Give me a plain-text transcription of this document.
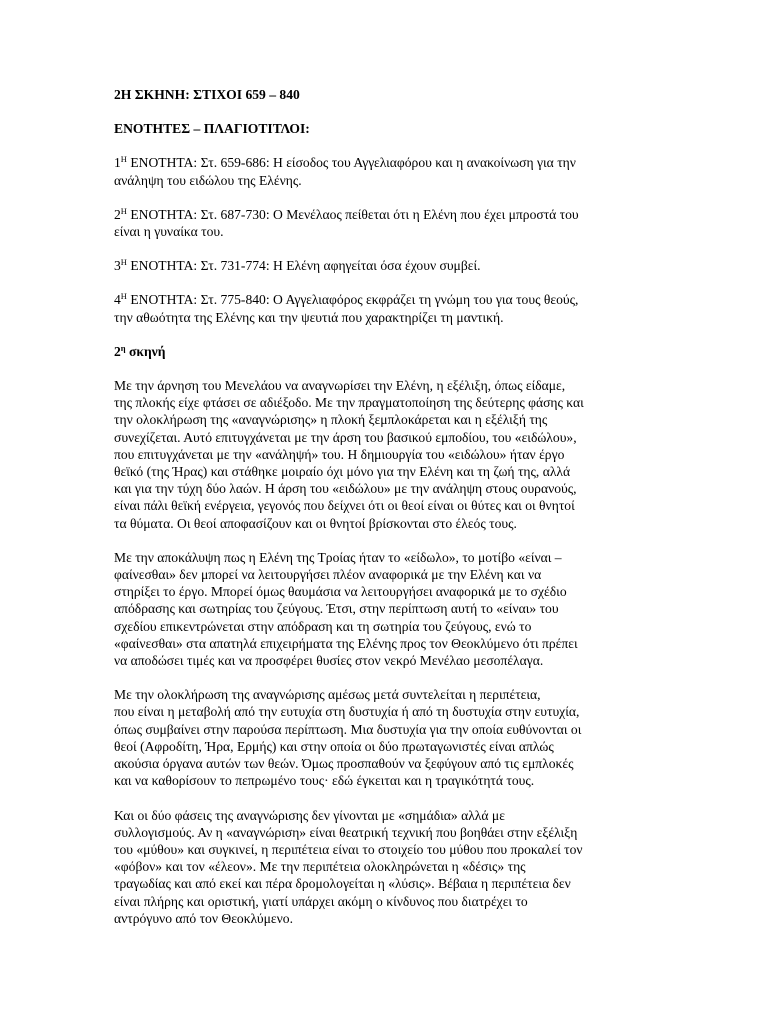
2Η ΣΚΗΝΗ: ΣΤΙΧΟΙ 659 – 840

ΕΝΟΤΗΤΕΣ – ΠΛΑΓΙΟΤΙΤΛΟΙ:

$1^H$ ΕΝΟΤΗΤΑ: Στ. 659-686: Η είσοδος του Αγγελιαφόρου και η ανακοίνωση για την
ανάληψη του ειδώλου της Ελένης.

$2^H$ ΕΝΟΤΗΤΑ: Στ. 687-730: Ο Μενέλαος πείθεται ότι η Ελένη που έχει μπροστά του
είναι η γυναίκα του.

$3^H$ ΕΝΟΤΗΤΑ: Στ. 731-774: Η Ελένη αφηγείται όσα έχουν συμβεί.

$4^H$ ΕΝΟΤΗΤΑ: Στ. 775-840: Ο Αγγελιαφόρος εκφράζει τη γνώμη του για τους θεούς,
την αθωότητα της Ελένης και την ψευτιά που χαρακτηρίζει τη μαντική.

$2^\eta$ σκηνή

Με την άρνηση του Μενελάου να αναγνωρίσει την Ελένη, η εξέλιξη, όπως είδαμε,
της πλοκής είχε φτάσει σε αδιέξοδο. Με την πραγματοποίηση της δεύτερης φάσης και
την ολοκλήρωση της «αναγνώρισης» η πλοκή ξεμπλοκάρεται και η εξέλιξή της
συνεχίζεται. Αυτό επιτυγχάνεται με την άρση του βασικού εμποδίου, του «ειδώλου»,
που επιτυγχάνεται με την «ανάληψή» του. Η δημιουργία του «ειδώλου» ήταν έργο
θεϊκό (της Ήρας) και στάθηκε μοιραίο όχι μόνο για την Ελένη και τη ζωή της, αλλά
και για την τύχη δύο λαών. Η άρση του «ειδώλου» με την ανάληψη στους ουρανούς,
είναι πάλι θεϊκή ενέργεια, γεγονός που δείχνει ότι οι θεοί είναι οι θύτες και οι θνητοί
τα θύματα. Οι θεοί αποφασίζουν και οι θνητοί βρίσκονται στο έλεός τους.

Με την αποκάλυψη πως η Ελένη της Τροίας ήταν το «είδωλο», το μοτίβο «είναι –
φαίνεσθαι» δεν μπορεί να λειτουργήσει πλέον αναφορικά με την Ελένη και να
στηρίξει το έργο. Μπορεί όμως θαυμάσια να λειτουργήσει αναφορικά με το σχέδιο
απόδρασης και σωτηρίας του ζεύγους. Έτσι, στην περίπτωση αυτή το «είναι» του
σχεδίου επικεντρώνεται στην απόδραση και τη σωτηρία του ζεύγους, ενώ το
«φαίνεσθαι» στα απατηλά επιχειρήματα της Ελένης προς τον Θεοκλύμενο ότι πρέπει
να αποδώσει τιμές και να προσφέρει θυσίες στον νεκρό Μενέλαο μεσοπέλαγα.

Με την ολοκλήρωση της αναγνώρισης αμέσως μετά συντελείται η περιπέτεια,
που είναι η μεταβολή από την ευτυχία στη δυστυχία ή από τη δυστυχία στην ευτυχία,
όπως συμβαίνει στην παρούσα περίπτωση. Μια δυστυχία για την οποία ευθύνονται οι
θεοί (Αφροδίτη, Ήρα, Ερμής) και στην οποία οι δύο πρωταγωνιστές είναι απλώς
ακούσια όργανα αυτών των θεών. Όμως προσπαθούν να ξεφύγουν από τις εμπλοκές
και να καθορίσουν το πεπρωμένο τους· εδώ έγκειται και η τραγικότητά τους.

Και οι δύο φάσεις της αναγνώρισης δεν γίνονται με «σημάδια» αλλά με
συλλογισμούς. Αν η «αναγνώριση» είναι θεατρική τεχνική που βοηθάει στην εξέλιξη
του «μύθου» και συγκινεί, η περιπέτεια είναι το στοιχείο του μύθου που προκαλεί τον
«φόβον» και τον «έλεον». Με την περιπέτεια ολοκληρώνεται η «δέσις» της
τραγωδίας και από εκεί και πέρα δρομολογείται η «λύσις». Βέβαια η περιπέτεια δεν
είναι πλήρης και οριστική, γιατί υπάρχει ακόμη ο κίνδυνος που διατρέχει το
αντρόγυνο από τον Θεοκλύμενο.
